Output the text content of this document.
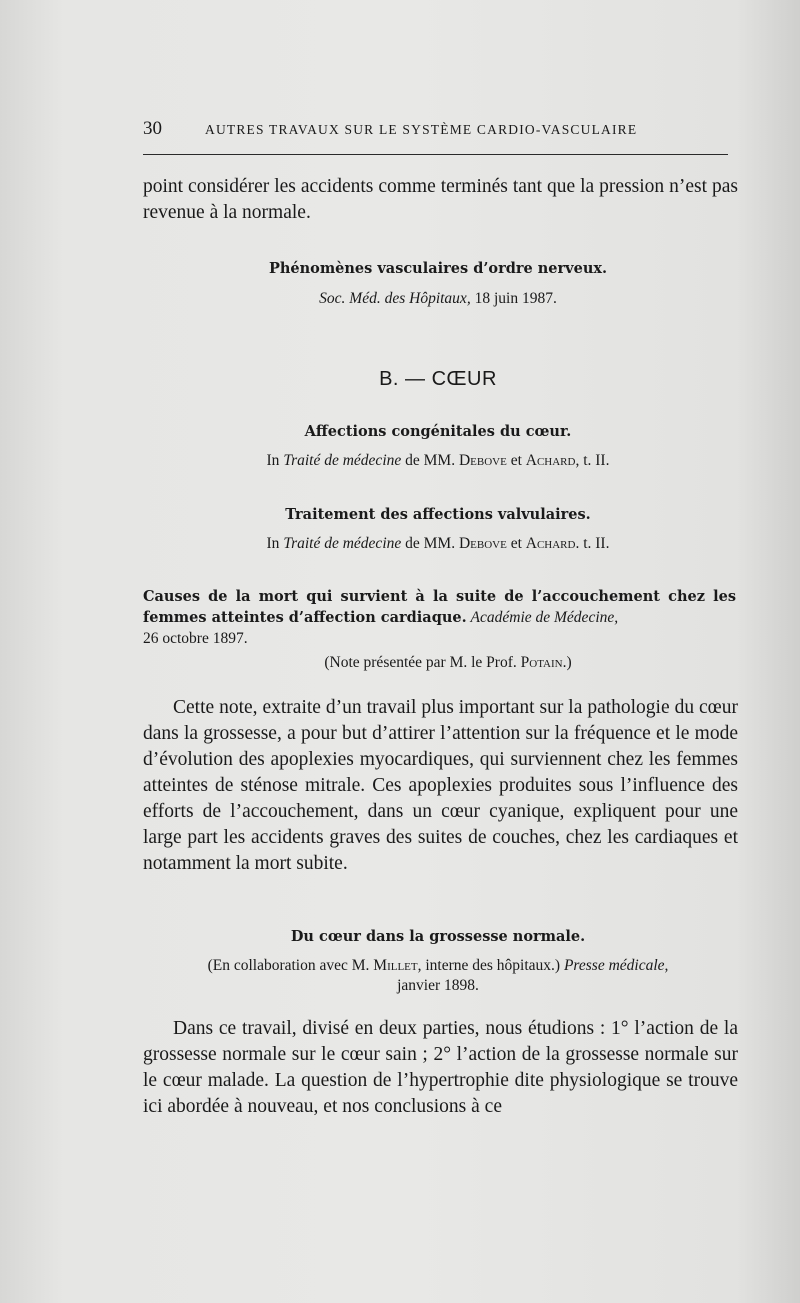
30	AUTRES TRAVAUX SUR LE SYSTÈME CARDIO-VASCULAIRE
point considérer les accidents comme terminés tant que la pression n’est pas revenue à la normale.
Phénomènes vasculaires d’ordre nerveux.
Soc. Méd. des Hôpitaux, 18 juin 1987.
B. — CŒUR
Affections congénitales du cœur.
In Traité de médecine de MM. Debove et Achard, t. II.
Traitement des affections valvulaires.
In Traité de médecine de MM. Debove et Achard. t. II.
Causes de la mort qui survient à la suite de l’accouchement chez les femmes atteintes d’affection cardiaque. Académie de Médecine,
26 octobre 1897.
(Note présentée par M. le Prof. Potain.)
Cette note, extraite d’un travail plus important sur la pathologie du cœur dans la grossesse, a pour but d’attirer l’attention sur la fréquence et le mode d’évolution des apoplexies myocardiques, qui surviennent chez les femmes atteintes de sténose mitrale. Ces apoplexies produites sous l’influence des efforts de l’accouchement, dans un cœur cyanique, expliquent pour une large part les accidents graves des suites de couches, chez les cardiaques et notamment la mort subite.
Du cœur dans la grossesse normale.
(En collaboration avec M. Millet, interne des hôpitaux.) Presse médicale,
janvier 1898.
Dans ce travail, divisé en deux parties, nous étudions : 1° l’action de la grossesse normale sur le cœur sain ; 2° l’action de la grossesse normale sur le cœur malade. La question de l’hypertrophie dite physiologique se trouve ici abordée à nouveau, et nos conclusions à ce
